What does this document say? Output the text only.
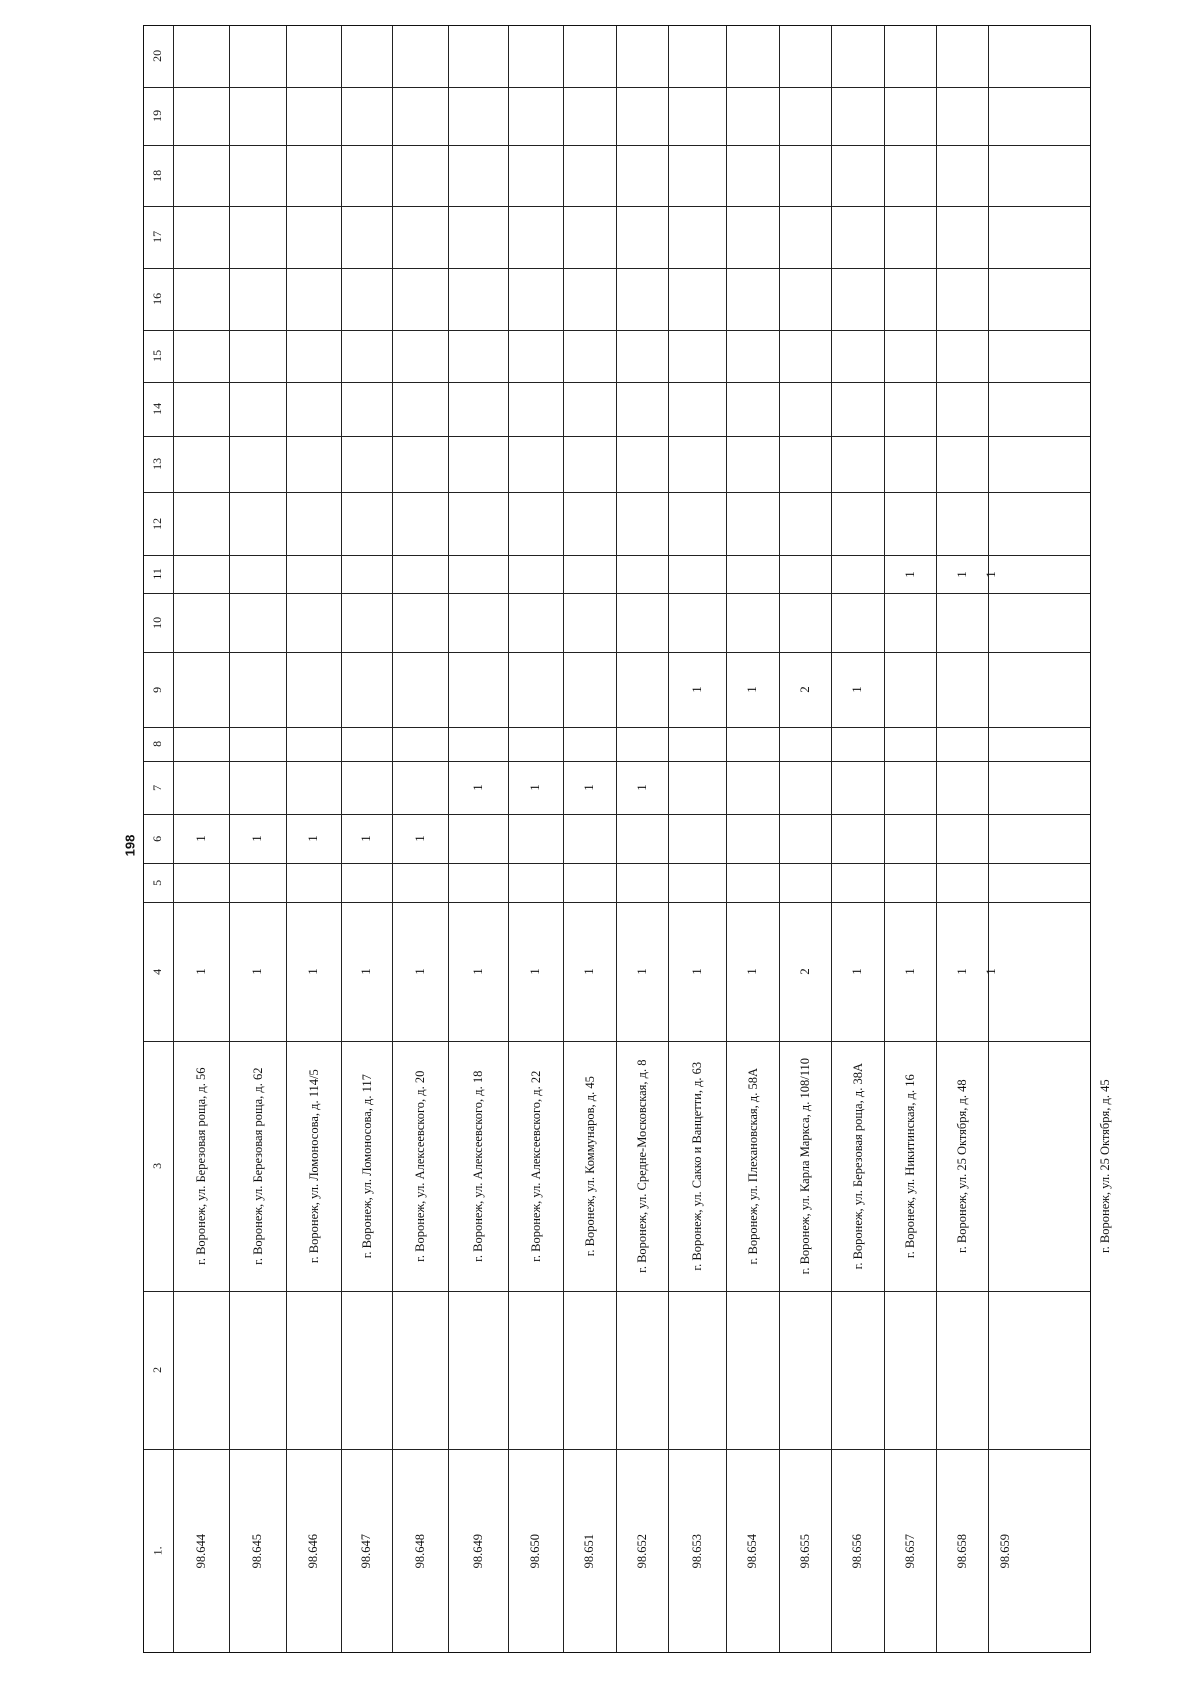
198
20
19
18
17
16
15
14
13
12
11
10
9
8
7
6
5
4
3
2
1. 98.644
г. Воронеж, ул. Березовая роща, д. 56
1
1
98.645
г. Воронеж, ул. Березовая роща, д. 62
1
1
98.646
г. Воронеж, ул. Ломоносова, д. 114/5
1
1
98.647
г. Воронеж, ул. Ломоносова, д. 117
1
1
98.648
г. Воронеж, ул. Алексеевского, д. 20
1
1
98.649
г. Воронеж, ул. Алексеевского, д. 18
1
1
98.650
г. Воронеж, ул. Алексеевского, д. 22
1
1
98.651
г. Воронеж, ул. Коммунаров, д. 45
1
1
98.652
г. Воронеж, ул. Средне-Московская, д. 8
1
1
98.653
г. Воронеж, ул. Сакко и Ванцетти, д. 63
1
1
98.654
г. Воронеж, ул. Плехановская, д. 58А
1
1
98.655
г. Воронеж, ул. Карла Маркса, д. 108/110
2
2
98.656
г. Воронеж, ул. Березовая роща, д. 38А
1
1
98.657
г. Воронеж, ул. Никитинская, д. 16
1
1
98.658
г. Воронеж, ул. 25 Октября, д. 48
1
1
98.659
г. Воронеж, ул. 25 Октября, д. 45
1
1
